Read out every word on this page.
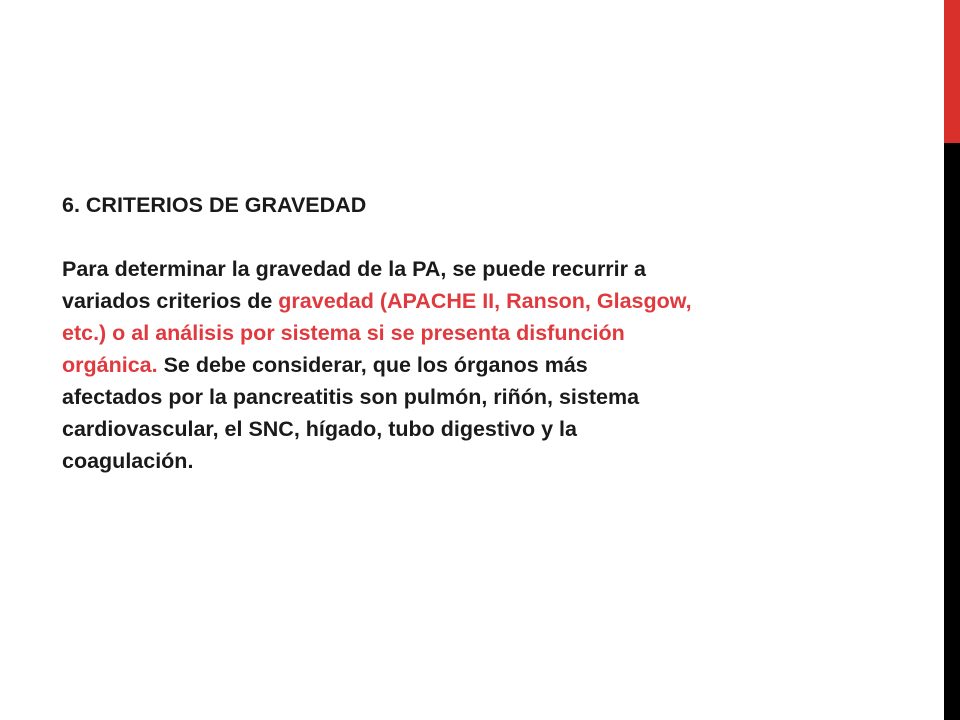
6. CRITERIOS DE GRAVEDAD
Para determinar la gravedad de la PA, se puede recurrir a
variados criterios de gravedad (APACHE II, Ranson, Glasgow,
etc.) o al análisis por sistema si se presenta disfunción
orgánica. Se debe considerar, que los órganos más
afectados por la pancreatitis son pulmón, riñón, sistema
cardiovascular, el SNC, hígado, tubo digestivo y la
coagulación.
